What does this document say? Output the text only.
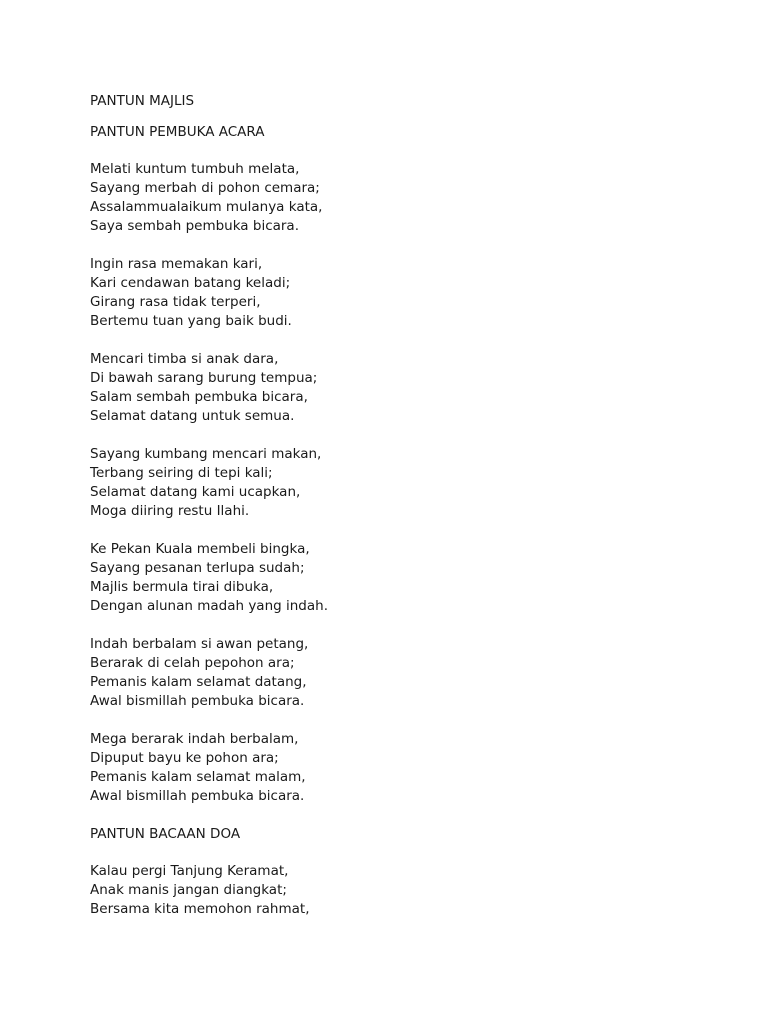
PANTUN MAJLIS
PANTUN PEMBUKA ACARA
Melati kuntum tumbuh melata,
Sayang merbah di pohon cemara;
Assalammualaikum mulanya kata,
Saya sembah pembuka bicara.
Ingin rasa memakan kari,
Kari cendawan batang keladi;
Girang rasa tidak terperi,
Bertemu tuan yang baik budi.
Mencari timba si anak dara,
Di bawah sarang burung tempua;
Salam sembah pembuka bicara,
Selamat datang untuk semua.
Sayang kumbang mencari makan,
Terbang seiring di tepi kali;
Selamat datang kami ucapkan,
Moga diiring restu Ilahi.
Ke Pekan Kuala membeli bingka,
Sayang pesanan terlupa sudah;
Majlis bermula tirai dibuka,
Dengan alunan madah yang indah.
Indah berbalam si awan petang,
Berarak di celah pepohon ara;
Pemanis kalam selamat datang,
Awal bismillah pembuka bicara.
Mega berarak indah berbalam,
Dipuput bayu ke pohon ara;
Pemanis kalam selamat malam,
Awal bismillah pembuka bicara.
PANTUN BACAAN DOA
Kalau pergi Tanjung Keramat,
Anak manis jangan diangkat;
Bersama kita memohon rahmat,
